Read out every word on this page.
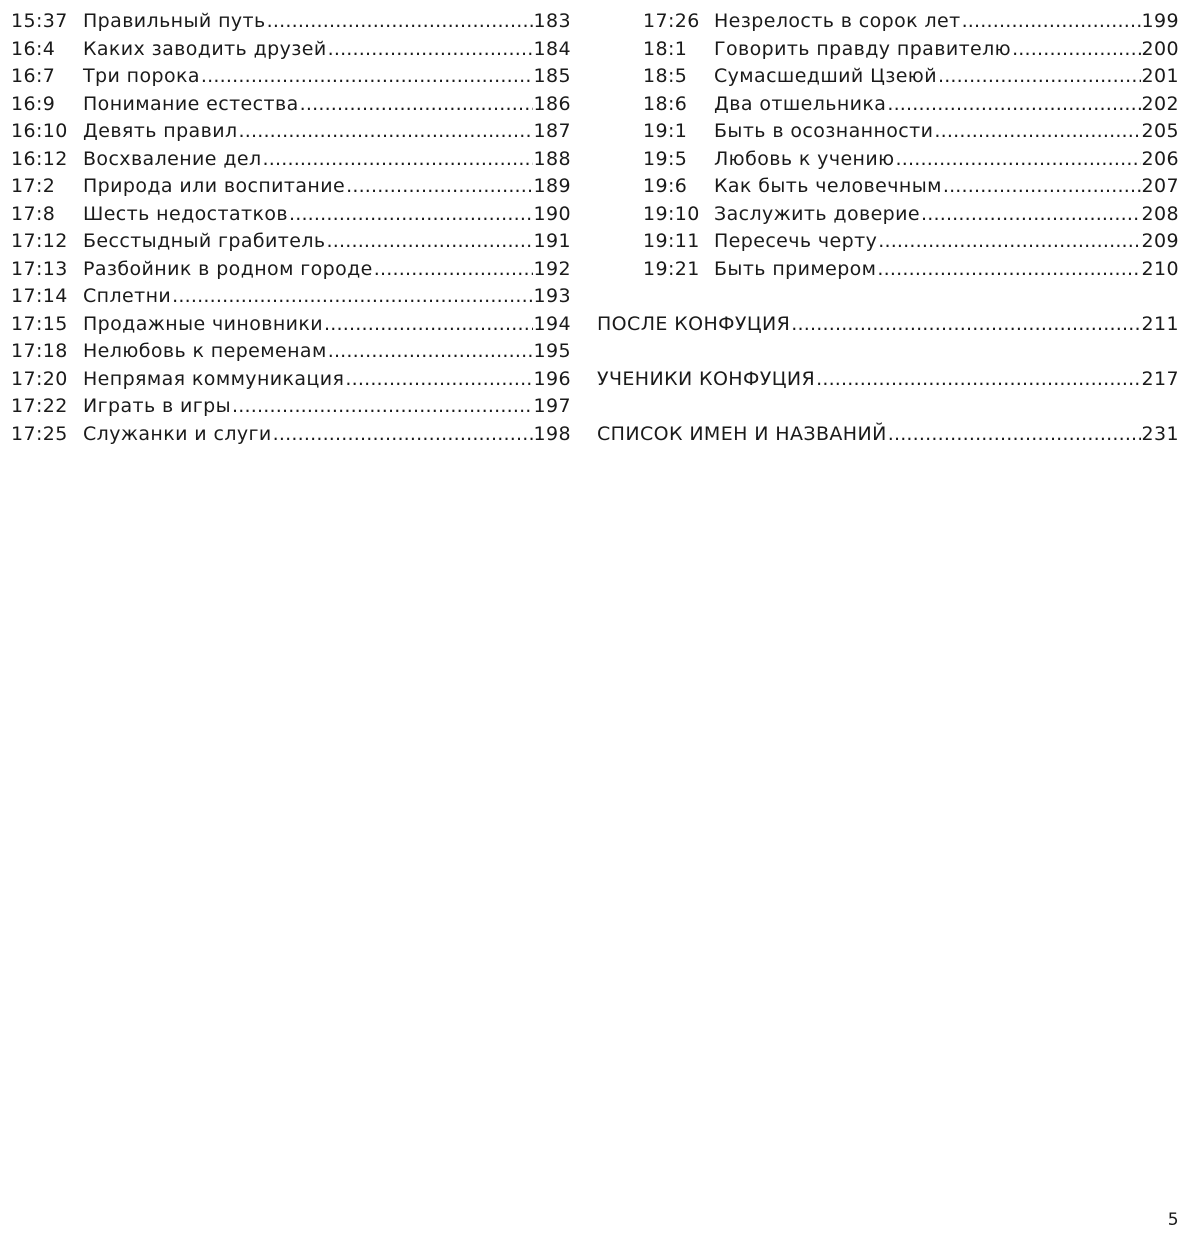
15:37 Правильный путь .....	183
16:4	Каких заводить друзей .....	184
16:7	Три порока .....	185
16:9	Понимание естества .....	186
16:10 Девять правил .....	187
16:12 Восхваление дел .....	188
17:2	Природа или воспитание .....	189
17:8	Шесть недостатков .....	190
17:12 Бесстыдный грабитель .....	191
17:13 Разбойник в родном городе .....	192
17:14 Сплетни .....	193
17:15 Продажные чиновники .....	194
17:18 Нелюбовь к переменам .....	195
17:20 Непрямая коммуникация .....	196
17:22 Играть в игры .....	197
17:25 Служанки и слуги .....	198
17:26 Незрелость в сорок лет .....	199
18:1	Говорить правду правителю .....	200
18:5	Сумасшедший Цзеюй .....	201
18:6	Два отшельника .....	202
19:1	Быть в осознанности .....	205
19:5	Любовь к учению .....	206
19:6	Как быть человечным .....	207
19:10 Заслужить доверие .....	208
19:11 Пересечь черту .....	209
19:21 Быть примером .....	210
ПОСЛЕ КОНФУЦИЯ .....	211
УЧЕНИКИ КОНФУЦИЯ .....	217
СПИСОК ИМЕН И НАЗВАНИЙ .....	231
5
